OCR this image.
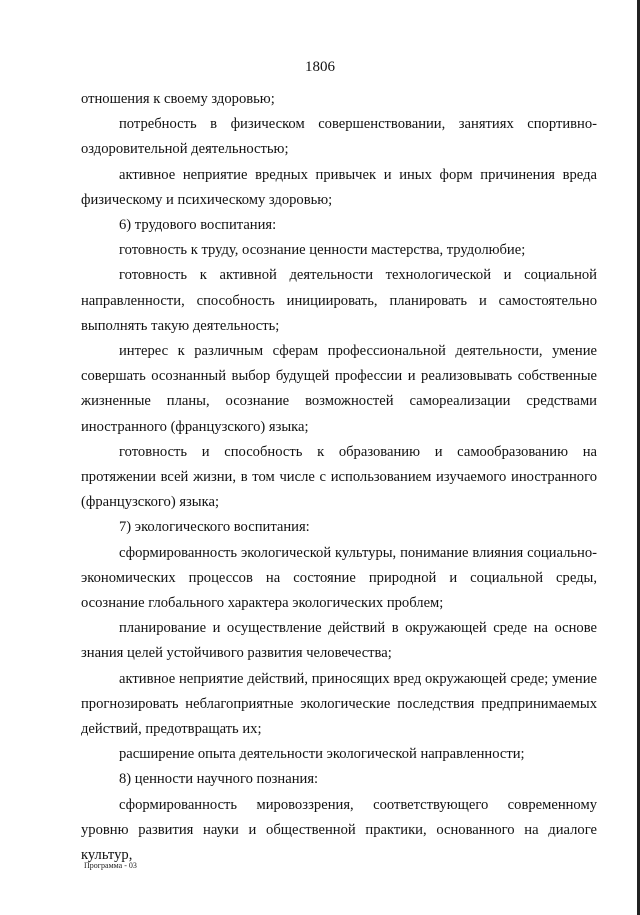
1806

отношения к своему здоровью;

потребность в физическом совершенствовании, занятиях спортивно-оздоровительной деятельностью;

активное неприятие вредных привычек и иных форм причинения вреда физическому и психическому здоровью;

6) трудового воспитания:

готовность к труду, осознание ценности мастерства, трудолюбие;

готовность к активной деятельности технологической и социальной направленности, способность инициировать, планировать и самостоятельно выполнять такую деятельность;

интерес к различным сферам профессиональной деятельности, умение совершать осознанный выбор будущей профессии и реализовывать собственные жизненные планы, осознание возможностей самореализации средствами иностранного (французского) языка;

готовность и способность к образованию и самообразованию на протяжении всей жизни, в том числе с использованием изучаемого иностранного (французского) языка;

7) экологического воспитания:

сформированность экологической культуры, понимание влияния социально-экономических процессов на состояние природной и социальной среды, осознание глобального характера экологических проблем;

планирование и осуществление действий в окружающей среде на основе знания целей устойчивого развития человечества;

активное неприятие действий, приносящих вред окружающей среде; умение прогнозировать неблагоприятные экологические последствия предпринимаемых действий, предотвращать их;

расширение опыта деятельности экологической направленности;

8) ценности научного познания:

сформированность мировоззрения, соответствующего современному уровню развития науки и общественной практики, основанного на диалоге культур,

Программа - 03
